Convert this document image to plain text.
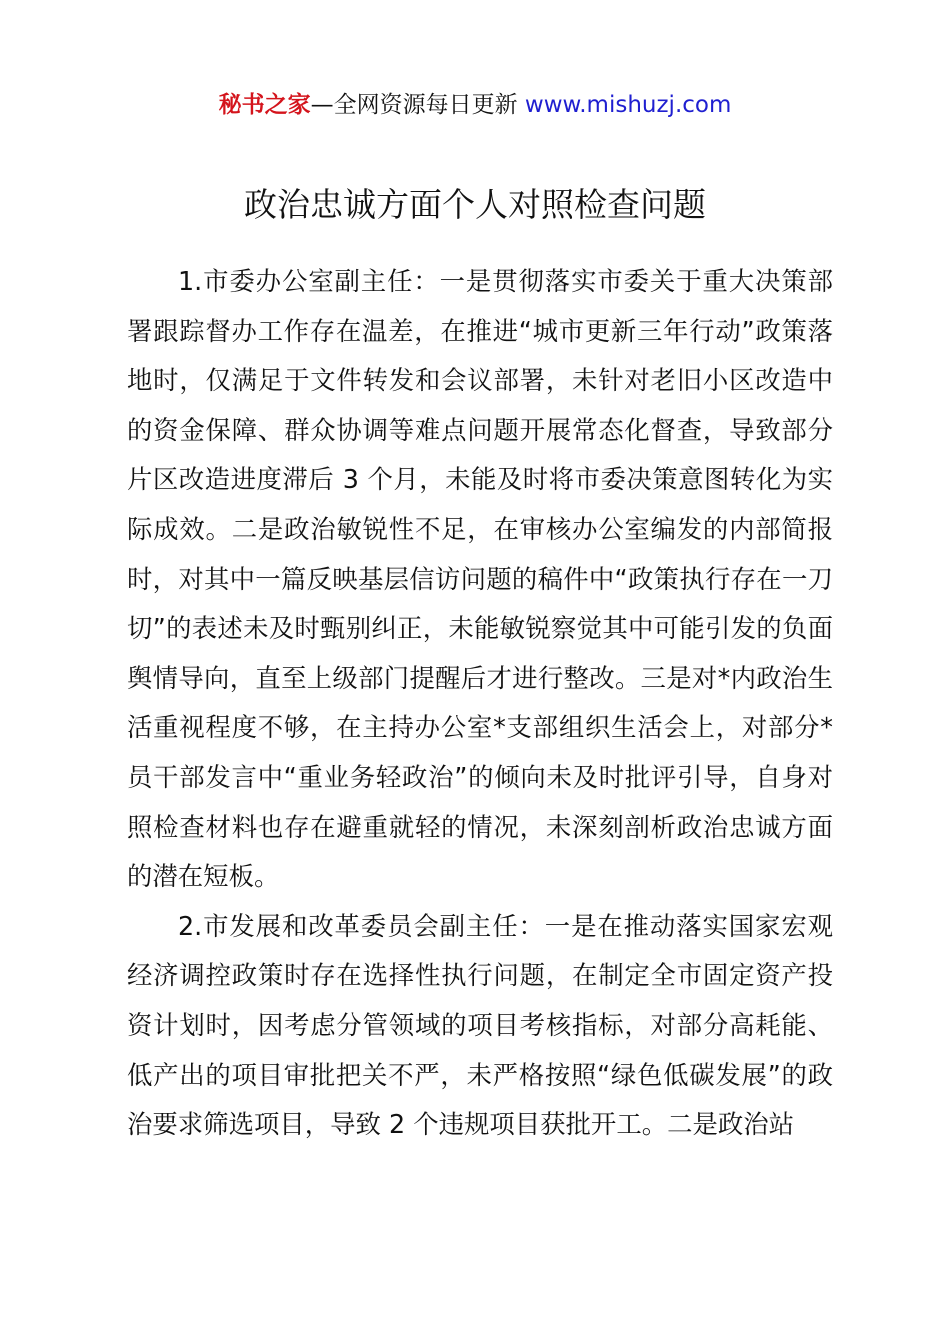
秘书之家—全网资源每日更新 www.mishuzj.com
政治忠诚方面个人对照检查问题

1.市委办公室副主任：一是贯彻落实市委关于重大决策部署跟踪督办工作存在温差，在推进“城市更新三年行动”政策落地时，仅满足于文件转发和会议部署，未针对老旧小区改造中的资金保障、群众协调等难点问题开展常态化督查，导致部分片区改造进度滞后 3 个月，未能及时将市委决策意图转化为实际成效。二是政治敏锐性不足，在审核办公室编发的内部简报时，对其中一篇反映基层信访问题的稿件中“政策执行存在一刀切”的表述未及时甄别纠正，未能敏锐察觉其中可能引发的负面舆情导向，直至上级部门提醒后才进行整改。三是对*内政治生活重视程度不够，在主持办公室*支部组织生活会上，对部分*员干部发言中“重业务轻政治”的倾向未及时批评引导，自身对照检查材料也存在避重就轻的情况，未深刻剖析政治忠诚方面的潜在短板。

2.市发展和改革委员会副主任：一是在推动落实国家宏观经济调控政策时存在选择性执行问题，在制定全市固定资产投资计划时，因考虑分管领域的项目考核指标，对部分高耗能、低产出的项目审批把关不严，未严格按照“绿色低碳发展”的政治要求筛选项目，导致 2 个违规项目获批开工。二是政治站
